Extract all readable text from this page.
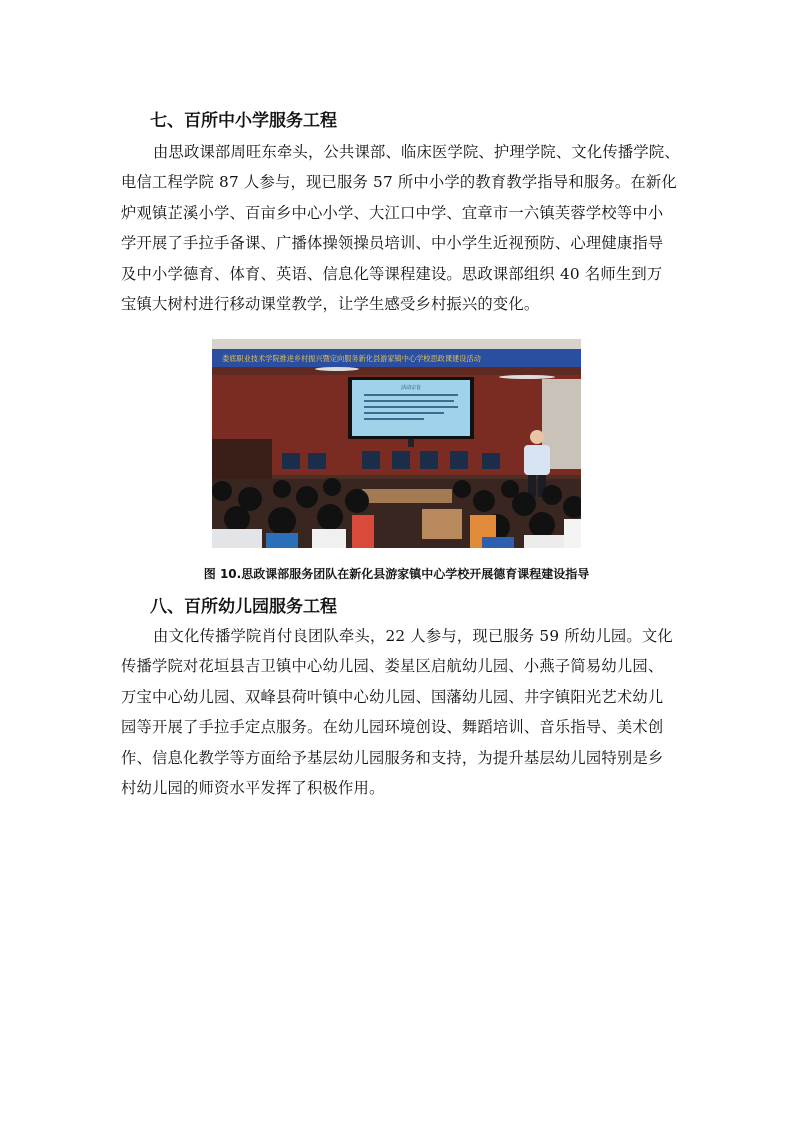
七、百所中小学服务工程

由思政课部周旺东牵头，公共课部、临床医学院、护理学院、文化传播学院、
电信工程学院 87 人参与，现已服务 57 所中小学的教育教学指导和服务。在新化
炉观镇芷溪小学、百亩乡中心小学、大江口中学、宜章市一六镇芙蓉学校等中小
学开展了手拉手备课、广播体操领操员培训、中小学生近视预防、心理健康指导
及中小学德育、体育、英语、信息化等课程建设。思政课部组织 40 名师生到万
宝镇大树村进行移动课堂教学，让学生感受乡村振兴的变化。

娄底职业技术学院推进乡村振兴暨定向服务新化县游家镇中心学校思政课建设活动
活动宗旨

图 10.思政课部服务团队在新化县游家镇中心学校开展德育课程建设指导

八、百所幼儿园服务工程

由文化传播学院肖付良团队牵头，22 人参与，现已服务 59 所幼儿园。文化
传播学院对花垣县吉卫镇中心幼儿园、娄星区启航幼儿园、小燕子简易幼儿园、
万宝中心幼儿园、双峰县荷叶镇中心幼儿园、国藩幼儿园、井字镇阳光艺术幼儿
园等开展了手拉手定点服务。在幼儿园环境创设、舞蹈培训、音乐指导、美术创
作、信息化教学等方面给予基层幼儿园服务和支持，为提升基层幼儿园特别是乡
村幼儿园的师资水平发挥了积极作用。
